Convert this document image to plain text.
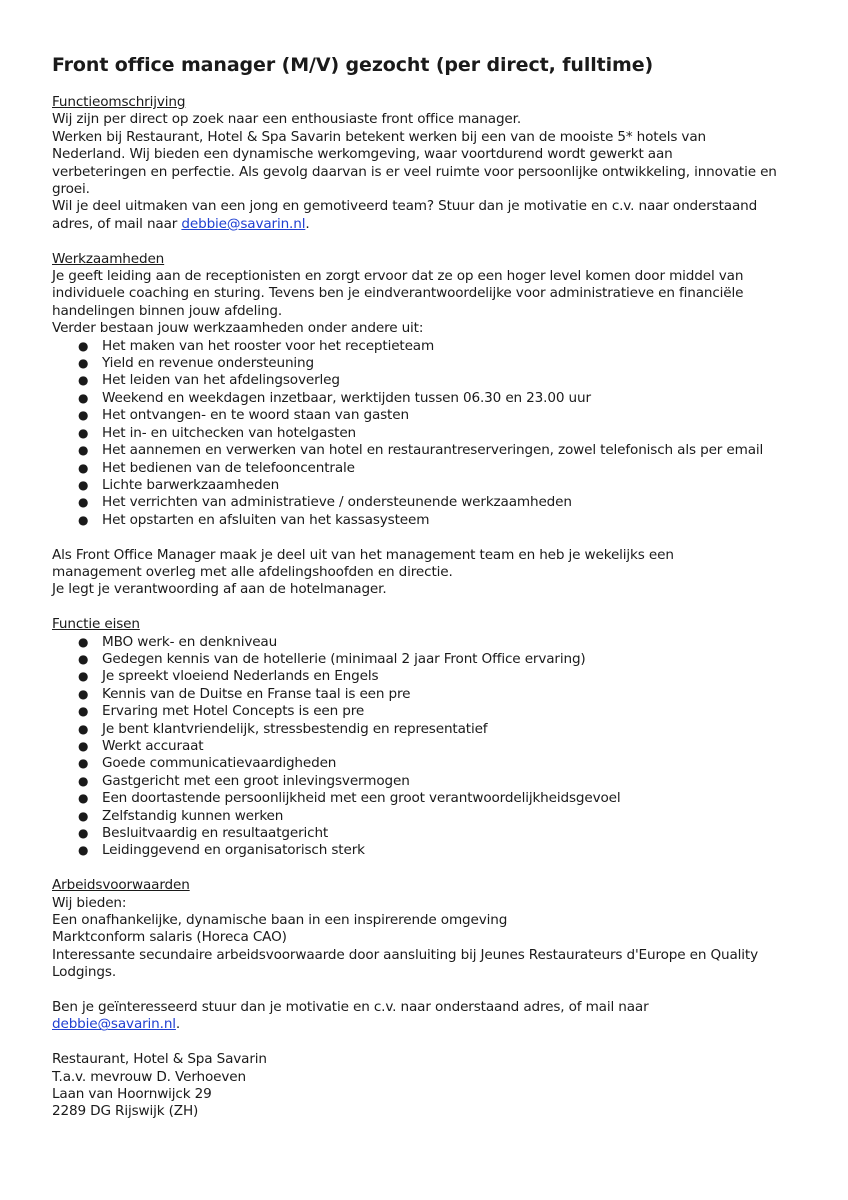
Front office manager (M/V) gezocht (per direct, fulltime)
Functieomschrijving

Wij zijn per direct op zoek naar een enthousiaste front office manager.

Werken bij Restaurant, Hotel & Spa Savarin betekent werken bij een van de mooiste 5* hotels van

Nederland. Wij bieden een dynamische werkomgeving, waar voortdurend wordt gewerkt aan

verbeteringen en perfectie. Als gevolg daarvan is er veel ruimte voor persoonlijke ontwikkeling, innovatie en

groei.

Wil je deel uitmaken van een jong en gemotiveerd team? Stuur dan je motivatie en c.v. naar onderstaand

adres, of mail naar debbie@savarin.nl.

Werkzaamheden

Je geeft leiding aan de receptionisten en zorgt ervoor dat ze op een hoger level komen door middel van

individuele coaching en sturing. Tevens ben je eindverantwoordelijke voor administratieve en financiële

handelingen binnen jouw afdeling.

Verder bestaan jouw werkzaamheden onder andere uit:

● Het maken van het rooster voor het receptieteam
● Yield en revenue ondersteuning
● Het leiden van het afdelingsoverleg
● Weekend en weekdagen inzetbaar, werktijden tussen 06.30 en 23.00 uur
● Het ontvangen- en te woord staan van gasten
● Het in- en uitchecken van hotelgasten
● Het aannemen en verwerken van hotel en restaurantreserveringen, zowel telefonisch als per email
● Het bedienen van de telefooncentrale
● Lichte barwerkzaamheden
● Het verrichten van administratieve / ondersteunende werkzaamheden
● Het opstarten en afsluiten van het kassasysteem

Als Front Office Manager maak je deel uit van het management team en heb je wekelijks een

management overleg met alle afdelingshoofden en directie.

Je legt je verantwoording af aan de hotelmanager.

Functie eisen
● MBO werk- en denkniveau
● Gedegen kennis van de hotellerie (minimaal 2 jaar Front Office ervaring)
● Je spreekt vloeiend Nederlands en Engels
● Kennis van de Duitse en Franse taal is een pre
● Ervaring met Hotel Concepts is een pre
● Je bent klantvriendelijk, stressbestendig en representatief
● Werkt accuraat
● Goede communicatievaardigheden
● Gastgericht met een groot inlevingsvermogen
● Een doortastende persoonlijkheid met een groot verantwoordelijkheidsgevoel
● Zelfstandig kunnen werken
● Besluitvaardig en resultaatgericht
● Leidinggevend en organisatorisch sterk
Arbeidsvoorwaarden

Wij bieden:

Een onafhankelijke, dynamische baan in een inspirerende omgeving

Marktconform salaris (Horeca CAO)

Interessante secundaire arbeidsvoorwaarde door aansluiting bij Jeunes Restaurateurs d'Europe en Quality

Lodgings.

Ben je geïnteresseerd stuur dan je motivatie en c.v. naar onderstaand adres, of mail naar

debbie@savarin.nl.

Restaurant, Hotel & Spa Savarin

T.a.v. mevrouw D. Verhoeven

Laan van Hoornwijck 29

2289 DG Rijswijk (ZH)
